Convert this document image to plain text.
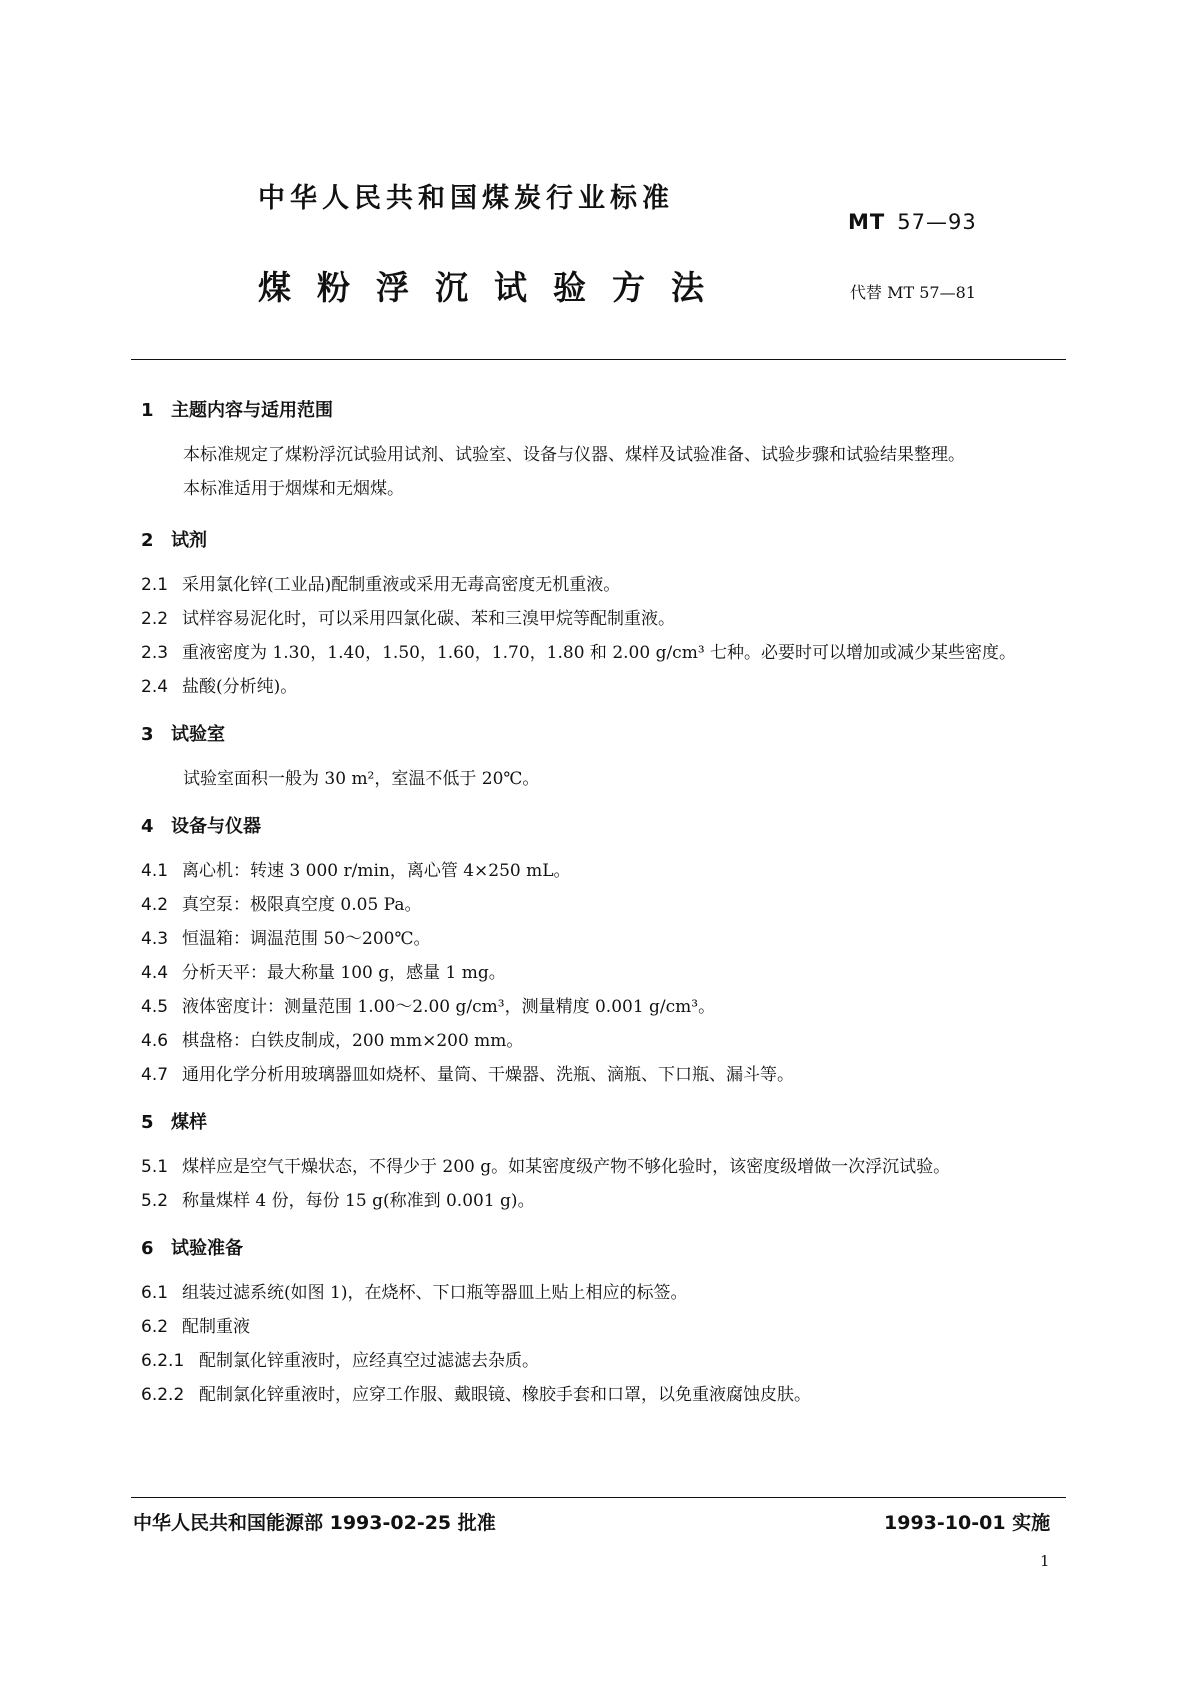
中华人民共和国煤炭行业标准
MT 57—93
煤粉浮沉试验方法	代替 MT 57—81
1 主题内容与适用范围
本标准规定了煤粉浮沉试验用试剂、试验室、设备与仪器、煤样及试验准备、试验步骤和试验结果整理。
本标准适用于烟煤和无烟煤。
2 试剂
2.1 采用氯化锌(工业品)配制重液或采用无毒高密度无机重液。
2.2 试样容易泥化时，可以采用四氯化碳、苯和三溴甲烷等配制重液。
2.3 重液密度为 1.30，1.40，1.50，1.60，1.70，1.80 和 2.00 g/cm³ 七种。必要时可以增加或减少某些密度。
2.4 盐酸(分析纯)。
3 试验室
试验室面积一般为 30 m²，室温不低于 20℃。
4 设备与仪器
4.1 离心机：转速 3 000 r/min，离心管 4×250 mL。
4.2 真空泵：极限真空度 0.05 Pa。
4.3 恒温箱：调温范围 50～200℃。
4.4 分析天平：最大称量 100 g，感量 1 mg。
4.5 液体密度计：测量范围 1.00～2.00 g/cm³，测量精度 0.001 g/cm³。
4.6 棋盘格：白铁皮制成，200 mm×200 mm。
4.7 通用化学分析用玻璃器皿如烧杯、量筒、干燥器、洗瓶、滴瓶、下口瓶、漏斗等。
5 煤样
5.1 煤样应是空气干燥状态，不得少于 200 g。如某密度级产物不够化验时，该密度级增做一次浮沉试验。
5.2 称量煤样 4 份，每份 15 g(称准到 0.001 g)。
6 试验准备
6.1 组装过滤系统(如图 1)，在烧杯、下口瓶等器皿上贴上相应的标签。
6.2 配制重液
6.2.1 配制氯化锌重液时，应经真空过滤滤去杂质。
6.2.2 配制氯化锌重液时，应穿工作服、戴眼镜、橡胶手套和口罩，以免重液腐蚀皮肤。
中华人民共和国能源部 1993-02-25 批准	1993-10-01 实施
1
